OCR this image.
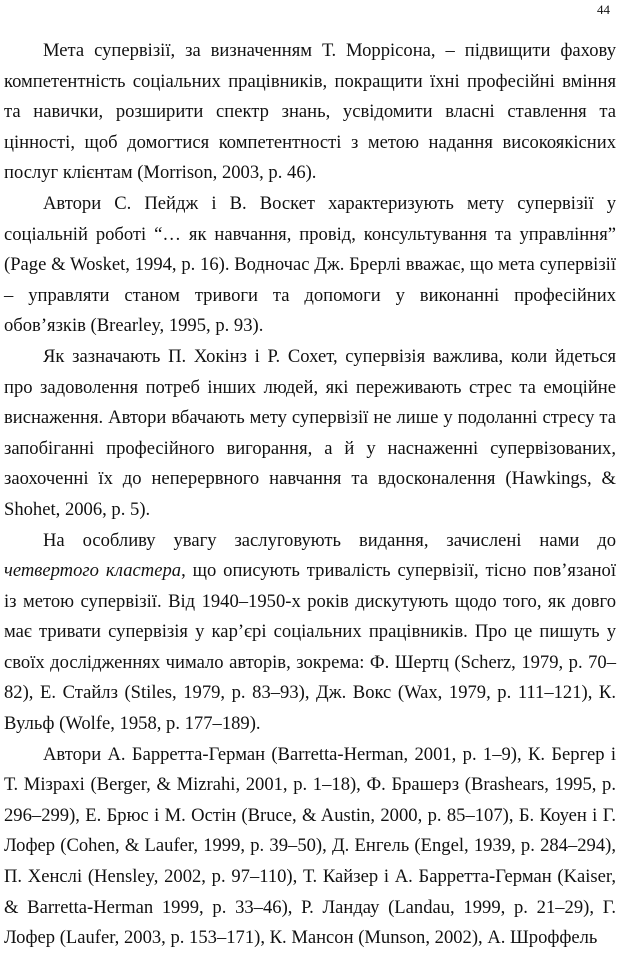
44

Мета супервізії, за визначенням Т. Моррісона, – підвищити фахову компетентність соціальних працівників, покращити їхні професійні вміння та навички, розширити спектр знань, усвідомити власні ставлення та цінності, щоб домогтися компетентності з метою надання високоякісних послуг клієнтам (Morrison, 2003, p. 46).

Автори С. Пейдж і В. Воскет характеризують мету супервізії у соціальній роботі “… як навчання, провід, консультування та управління” (Page & Wosket, 1994, p. 16). Водночас Дж. Брерлі вважає, що мета супервізії – управляти станом тривоги та допомоги у виконанні професійних обов’язків (Brearley, 1995, p. 93).

Як зазначають П. Хокінз і Р. Сохет, супервізія важлива, коли йдеться про задоволення потреб інших людей, які переживають стрес та емоційне виснаження. Автори вбачають мету супервізії не лише у подоланні стресу та запобіганні професійного вигорання, а й у наснаженні супервізованих, заохоченні їх до неперервного навчання та вдосконалення (Hawkings, & Shohet, 2006, p. 5).

На особливу увагу заслуговують видання, зачислені нами до четвертого кластера, що описують тривалість супервізії, тісно пов’язаної із метою супервізії. Від 1940–1950-х років дискутують щодо того, як довго має тривати супервізія у кар’єрі соціальних працівників. Про це пишуть у своїх дослідженнях чимало авторів, зокрема: Ф. Шертц (Scherz, 1979, p. 70–82), Е. Стайлз (Stiles, 1979, p. 83–93), Дж. Вокс (Wax, 1979, p. 111–121), К. Вульф (Wolfe, 1958, p. 177–189).

Автори А. Барретта-Герман (Barretta-Herman, 2001, p. 1–9), К. Бергер і Т. Мізрахі (Berger, & Mizrahi, 2001, p. 1–18), Ф. Брашерз (Brashears, 1995, p. 296–299), Е. Брюс і М. Остін (Bruce, & Austin, 2000, p. 85–107), Б. Коуен і Г. Лофер (Cohen, & Laufer, 1999, p. 39–50), Д. Енгель (Engel, 1939, p. 284–294), П. Хенслі (Hensley, 2002, p. 97–110), Т. Кайзер і А. Барретта-Герман (Kaiser, & Barretta-Herman 1999, p. 33–46), Р. Ландау (Landau, 1999, p. 21–29), Г. Лофер (Laufer, 2003, p. 153–171), К. Мансон (Munson, 2002), А. Шроффель
